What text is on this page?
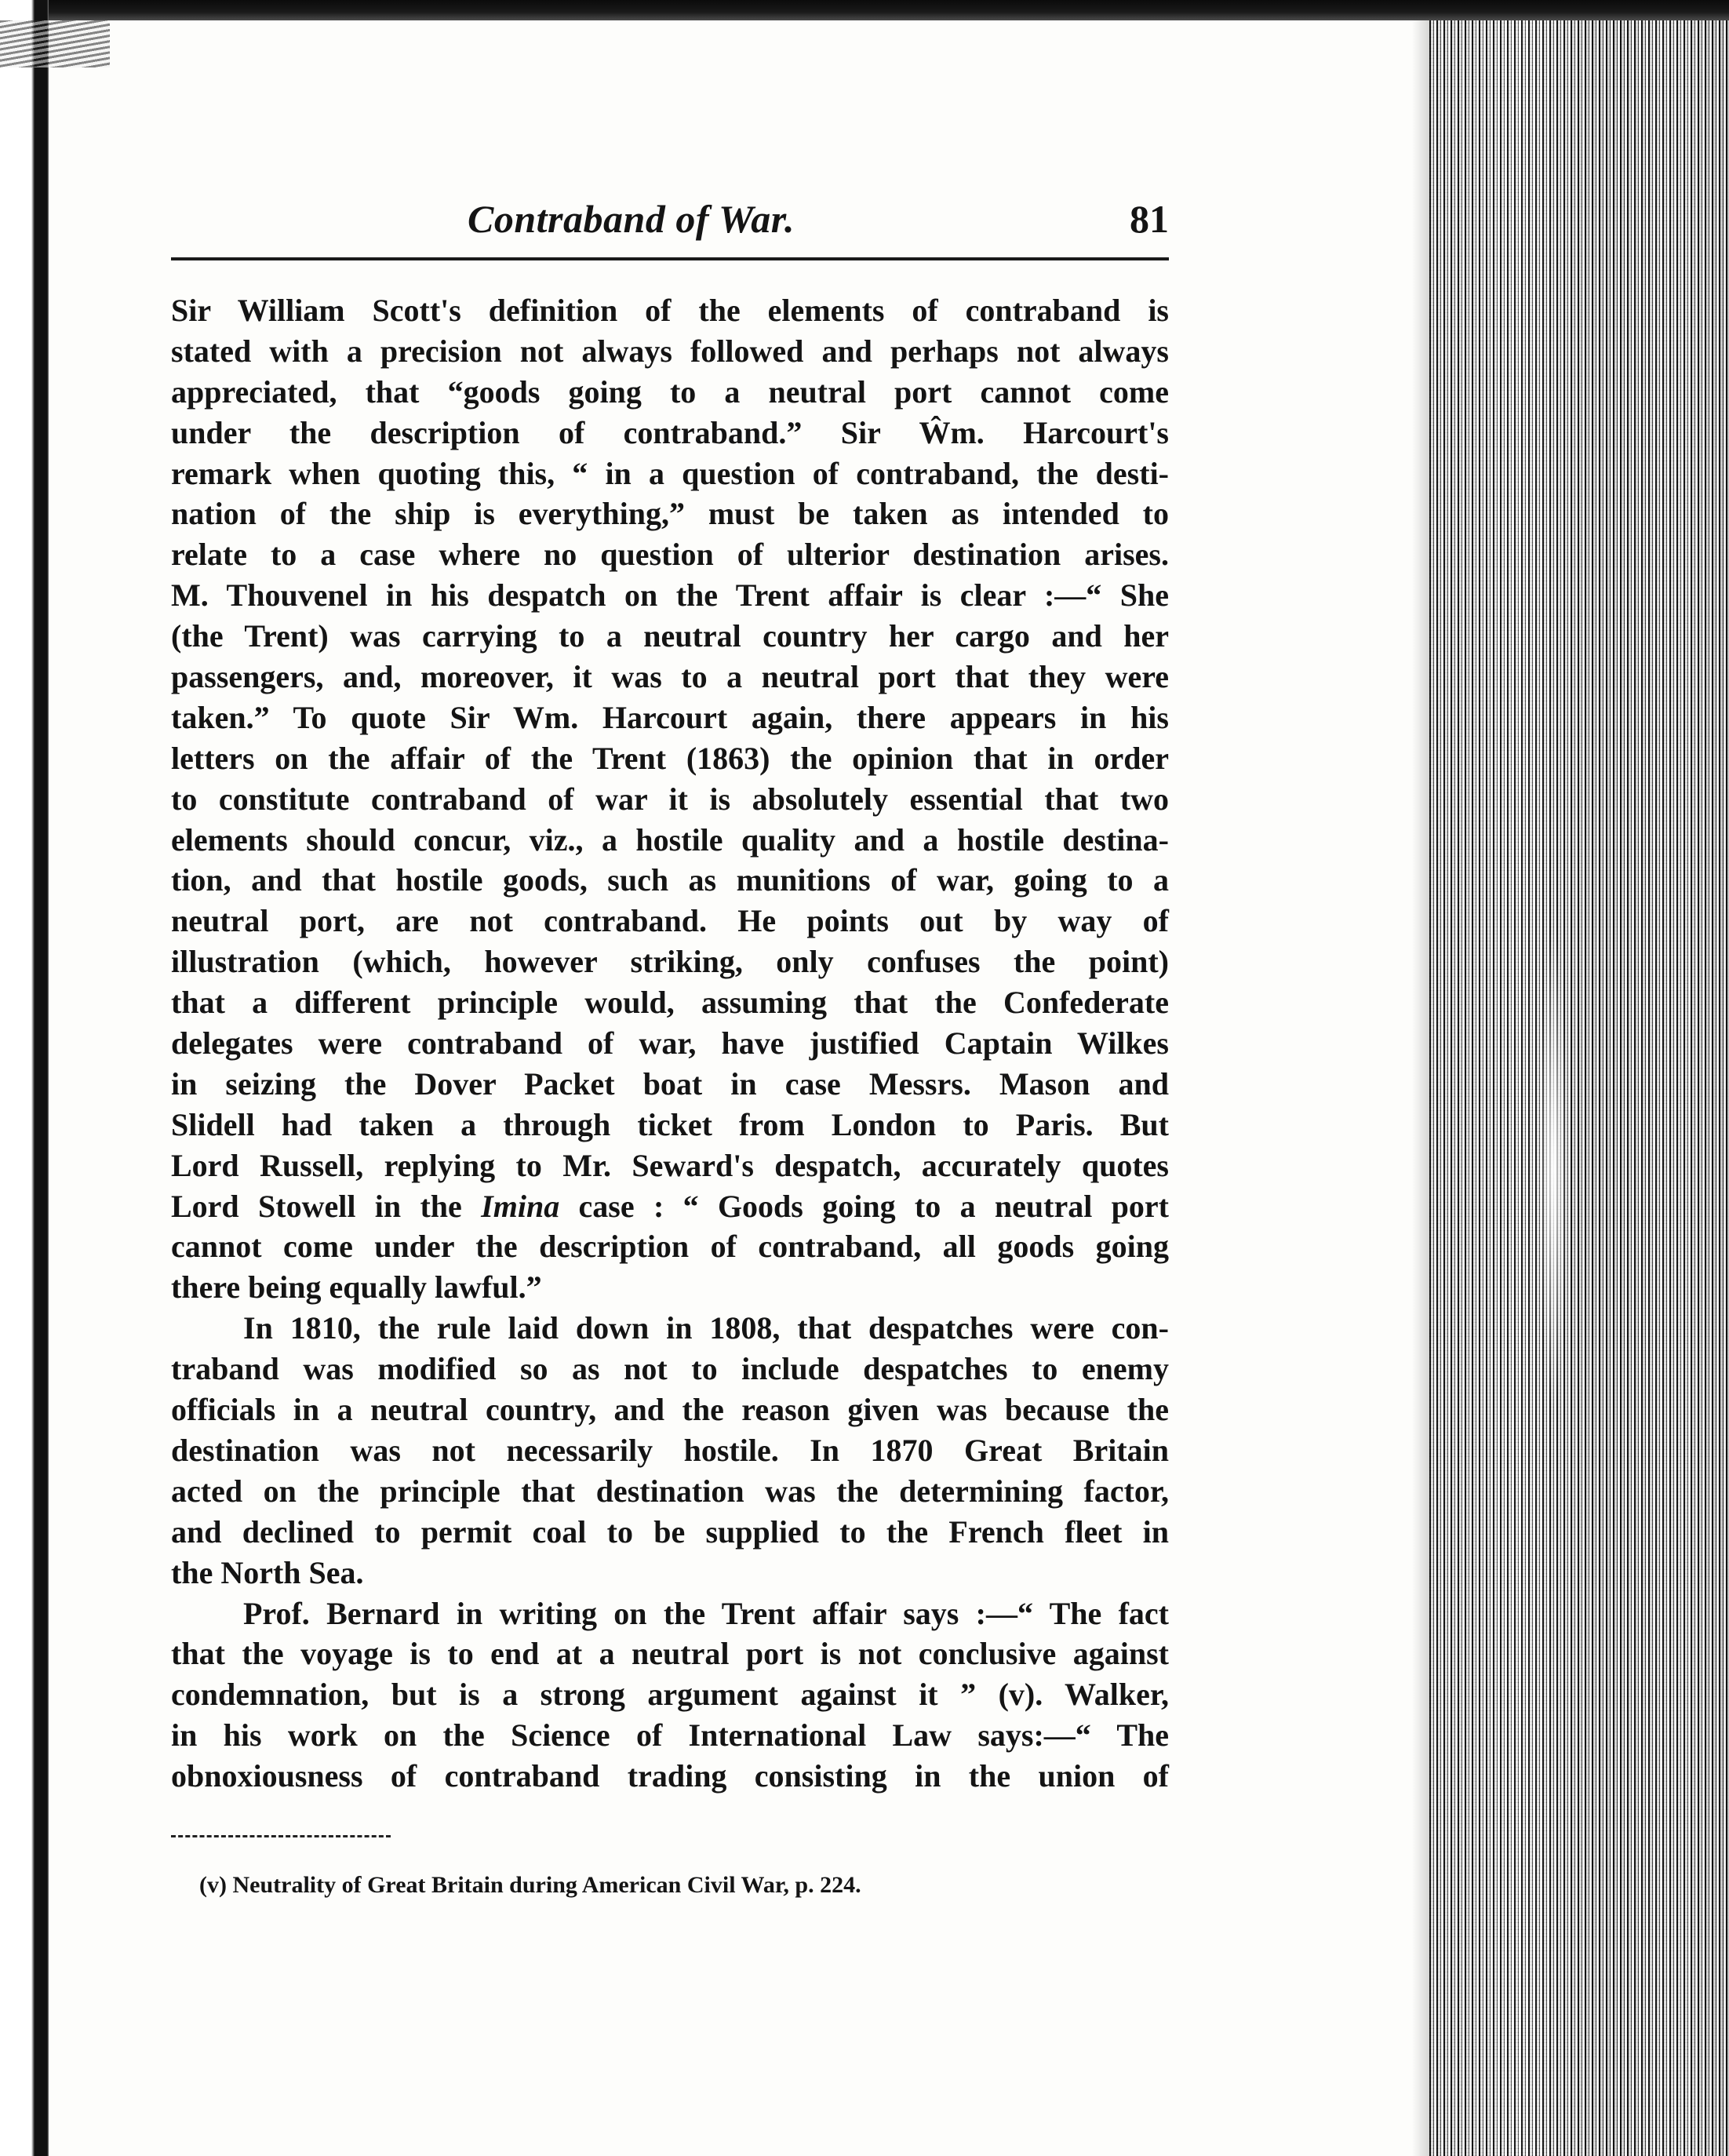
Contraband of War.	81
Sir William Scott's definition of the elements of contraband is
stated with a precision not always followed and perhaps not always
appreciated, that “goods going to a neutral port cannot come
under the description of contraband.” Sir Ŵm. Harcourt's
remark when quoting this, “ in a question of contraband, the desti-
nation of the ship is everything,” must be taken as intended to
relate to a case where no question of ulterior destination arises.
M. Thouvenel in his despatch on the Trent affair is clear :—“ She
(the Trent) was carrying to a neutral country her cargo and her
passengers, and, moreover, it was to a neutral port that they were
taken.” To quote Sir Wm. Harcourt again, there appears in his
letters on the affair of the Trent (1863) the opinion that in order
to constitute contraband of war it is absolutely essential that two
elements should concur, viz., a hostile quality and a hostile destina-
tion, and that hostile goods, such as munitions of war, going to a
neutral port, are not contraband. He points out by way of
illustration (which, however striking, only confuses the point)
that a different principle would, assuming that the Confederate
delegates were contraband of war, have justified Captain Wilkes
in seizing the Dover Packet boat in case Messrs. Mason and
Slidell had taken a through ticket from London to Paris. But
Lord Russell, replying to Mr. Seward's despatch, accurately quotes
Lord Stowell in the Imina case : “ Goods going to a neutral port
cannot come under the description of contraband, all goods going
there being equally lawful.”
In 1810, the rule laid down in 1808, that despatches were con-
traband was modified so as not to include despatches to enemy
officials in a neutral country, and the reason given was because the
destination was not necessarily hostile. In 1870 Great Britain
acted on the principle that destination was the determining factor,
and declined to permit coal to be supplied to the French fleet in
the North Sea.
Prof. Bernard in writing on the Trent affair says :—“ The fact
that the voyage is to end at a neutral port is not conclusive against
condemnation, but is a strong argument against it ” (v). Walker,
in his work on the Science of International Law says:—“ The
obnoxiousness of contraband trading consisting in the union of
(v) Neutrality of Great Britain during American Civil War, p. 224.
